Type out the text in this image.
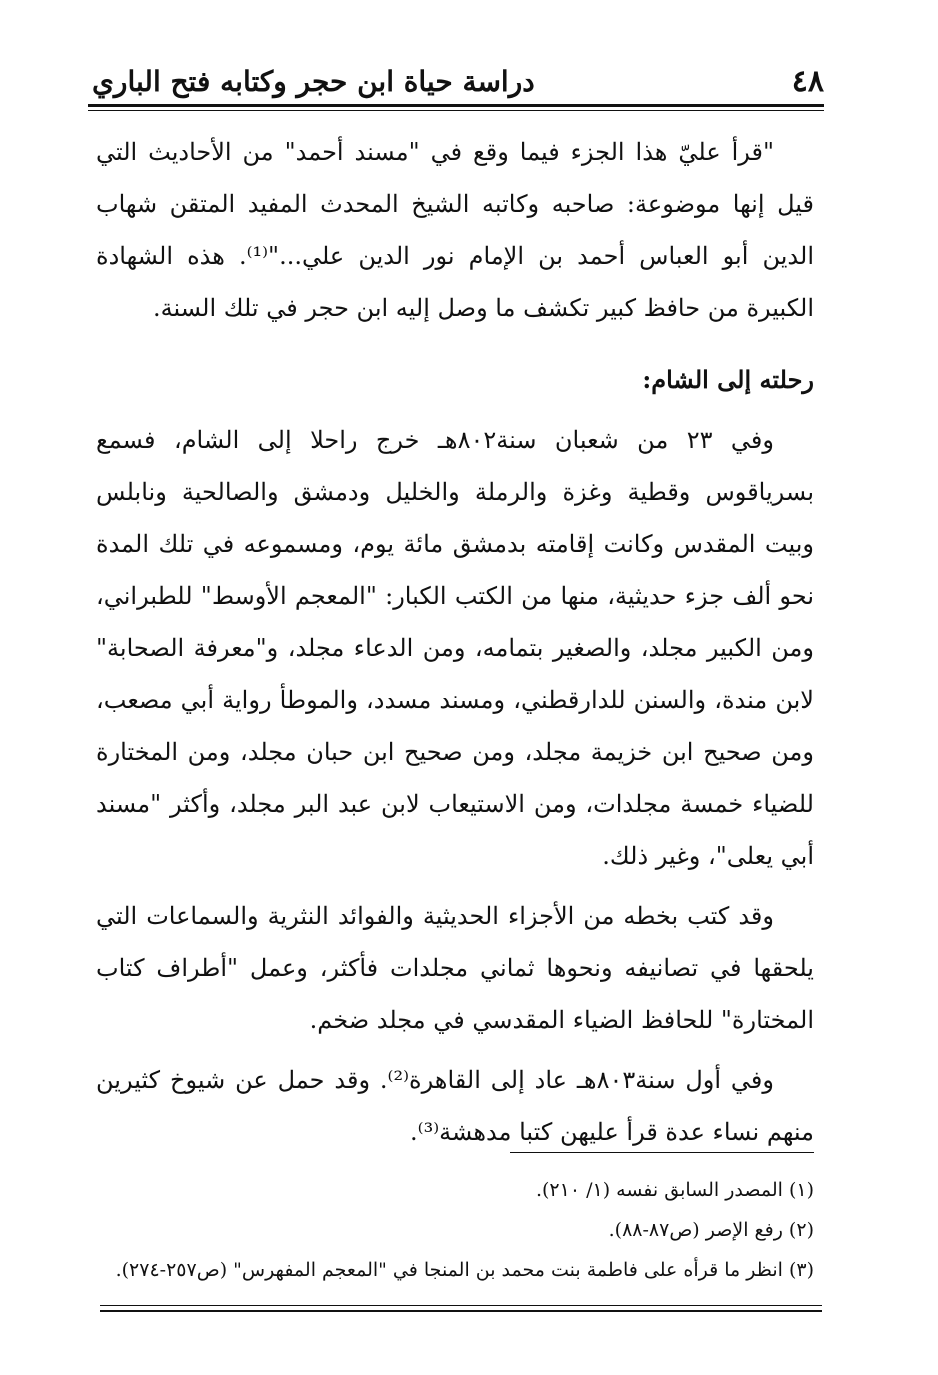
٤٨
دراسة حياة ابن حجر وكتابه فتح الباري

"قرأ عليّ هذا الجزء فيما وقع في "مسند أحمد" من الأحاديث التي قيل إنها موضوعة: صاحبه وكاتبه الشيخ المحدث المفيد المتقن شهاب الدين أبو العباس أحمد بن الإمام نور الدين علي..."⁽¹⁾. هذه الشهادة الكبيرة من حافظ كبير تكشف ما وصل إليه ابن حجر في تلك السنة.

رحلته إلى الشام:

وفي ٢٣ من شعبان سنة٨٠٢هـ خرج راحلا إلى الشام، فسمع بسرياقوس وقطية وغزة والرملة والخليل ودمشق والصالحية ونابلس وبيت المقدس وكانت إقامته بدمشق مائة يوم، ومسموعه في تلك المدة نحو ألف جزء حديثية، منها من الكتب الكبار: "المعجم الأوسط" للطبراني، ومن الكبير مجلد، والصغير بتمامه، ومن الدعاء مجلد، و"معرفة الصحابة" لابن مندة، والسنن للدارقطني، ومسند مسدد، والموطأ رواية أبي مصعب، ومن صحيح ابن خزيمة مجلد، ومن صحيح ابن حبان مجلد، ومن المختارة للضياء خمسة مجلدات، ومن الاستيعاب لابن عبد البر مجلد، وأكثر "مسند أبي يعلى"، وغير ذلك.

وقد كتب بخطه من الأجزاء الحديثية والفوائد النثرية والسماعات التي يلحقها في تصانيفه ونحوها ثماني مجلدات فأكثر، وعمل "أطراف كتاب المختارة" للحافظ الضياء المقدسي في مجلد ضخم.

وفي أول سنة٨٠٣هـ عاد إلى القاهرة⁽²⁾. وقد حمل عن شيوخ كثيرين منهم نساء عدة قرأ عليهن كتبا مدهشة⁽³⁾.

(١) المصدر السابق نفسه (١/ ٢١٠).
(٢) رفع الإصر (ص٨٧-٨٨).
(٣) انظر ما قرأه على فاطمة بنت محمد بن المنجا في "المعجم المفهرس" (ص٢٥٧-٢٧٤).
